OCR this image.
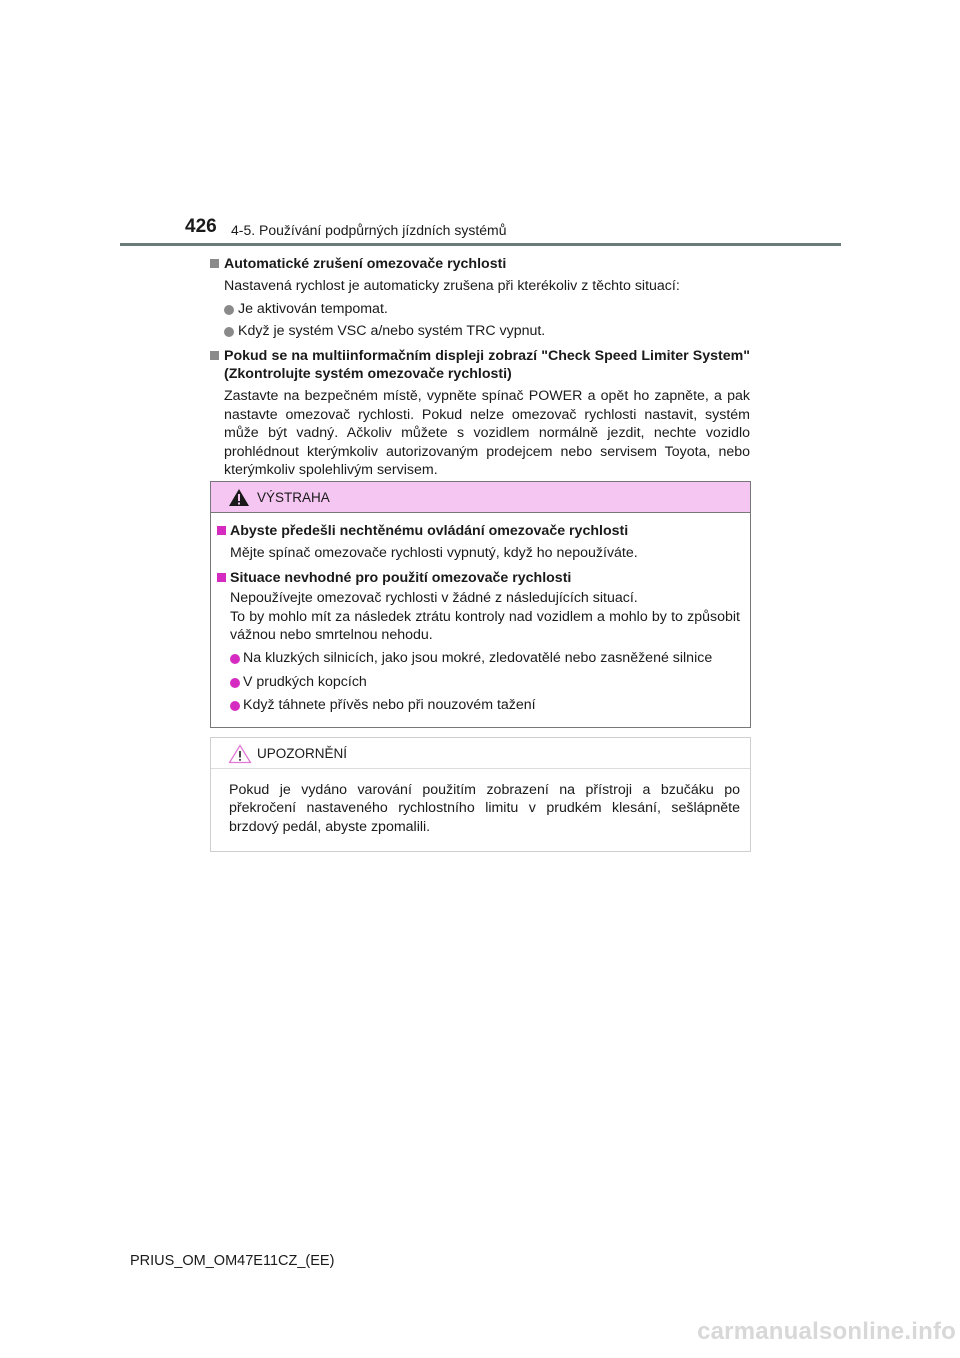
426 4-5. Používání podpůrných jízdních systémů

Automatické zrušení omezovače rychlosti

Nastavená rychlost je automaticky zrušena při kterékoliv z těchto situací:
Je aktivován tempomat.
Když je systém VSC a/nebo systém TRC vypnut.

Pokud se na multiinformačním displeji zobrazí "Check Speed Limiter System" (Zkontrolujte systém omezovače rychlosti)

Zastavte na bezpečném místě, vypněte spínač POWER a opět ho zapněte, a pak nastavte omezovač rychlosti. Pokud nelze omezovač rychlosti nastavit, systém může být vadný. Ačkoliv můžete s vozidlem normálně jezdit, nechte vozidlo prohlédnout kterýmkoliv autorizovaným prodejcem nebo servisem Toyota, nebo kterýmkoliv spolehlivým servisem.
VÝSTRAHA

Abyste předešli nechtěnému ovládání omezovače rychlosti

Mějte spínač omezovače rychlosti vypnutý, když ho nepoužíváte.

Situace nevhodné pro použití omezovače rychlosti

Nepoužívejte omezovač rychlosti v žádné z následujících situací.
To by mohlo mít za následek ztrátu kontroly nad vozidlem a mohlo by to způsobit vážnou nebo smrtelnou nehodu.
Na kluzkých silnicích, jako jsou mokré, zledovatělé nebo zasněžené silnice
V prudkých kopcích
Když táhnete přívěs nebo při nouzovém tažení
UPOZORNĚNÍ
Pokud je vydáno varování použitím zobrazení na přístroji a bzučáku po překročení nastaveného rychlostního limitu v prudkém klesání, sešlápněte brzdový pedál, abyste zpomalili.
PRIUS_OM_OM47E11CZ_(EE)
carmanualsonline.info
